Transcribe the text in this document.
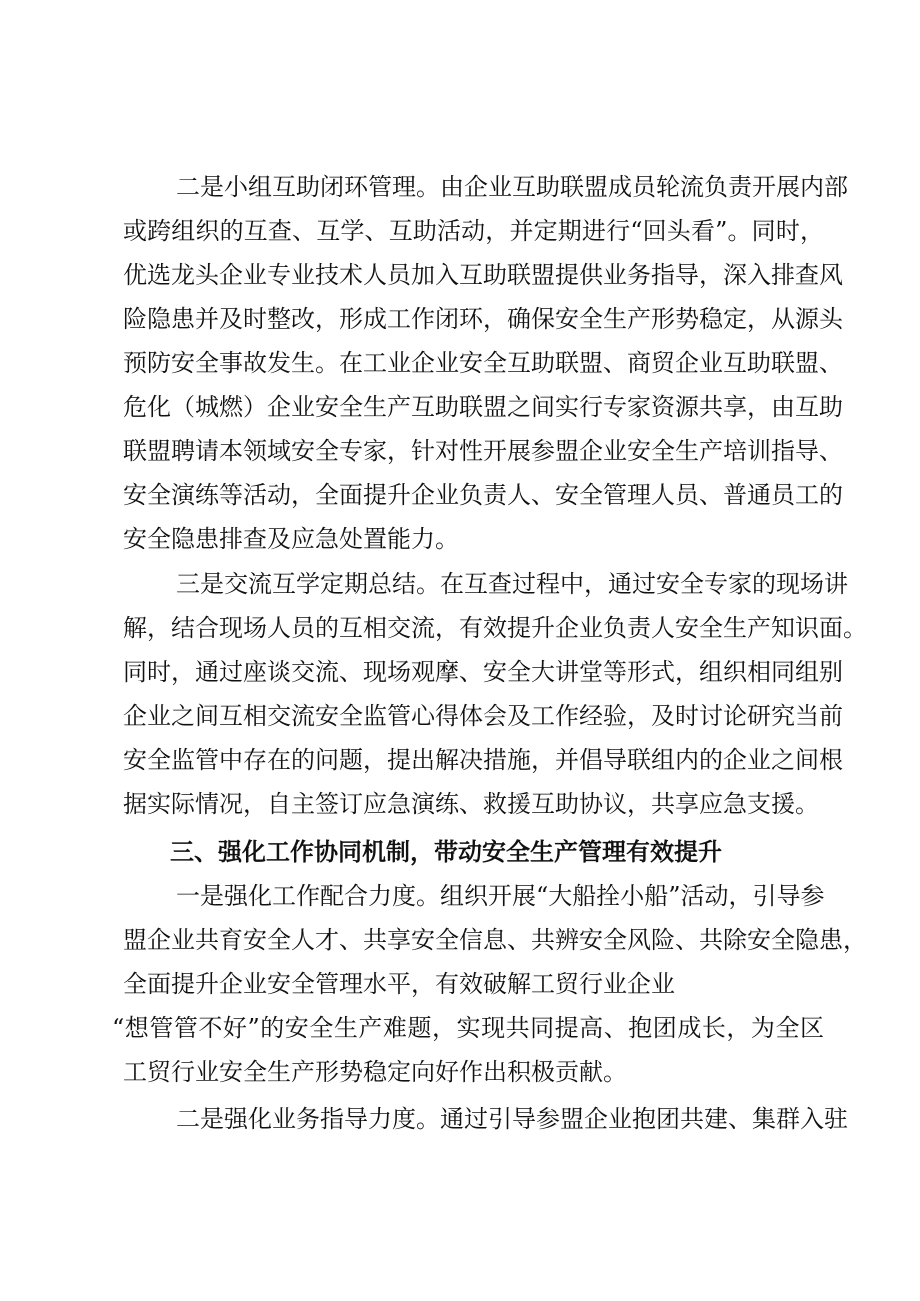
二是小组互助闭环管理。由企业互助联盟成员轮流负责开展内部
或跨组织的互查、互学、互助活动，并定期进行“回头看”。同时，
优选龙头企业专业技术人员加入互助联盟提供业务指导，深入排查风
险隐患并及时整改，形成工作闭环，确保安全生产形势稳定，从源头
预防安全事故发生。在工业企业安全互助联盟、商贸企业互助联盟、
危化（城燃）企业安全生产互助联盟之间实行专家资源共享，由互助
联盟聘请本领域安全专家，针对性开展参盟企业安全生产培训指导、
安全演练等活动，全面提升企业负责人、安全管理人员、普通员工的
安全隐患排查及应急处置能力。
三是交流互学定期总结。在互查过程中，通过安全专家的现场讲
解，结合现场人员的互相交流，有效提升企业负责人安全生产知识面。
同时，通过座谈交流、现场观摩、安全大讲堂等形式，组织相同组别
企业之间互相交流安全监管心得体会及工作经验，及时讨论研究当前
安全监管中存在的问题，提出解决措施，并倡导联组内的企业之间根
据实际情况，自主签订应急演练、救援互助协议，共享应急支援。
三、强化工作协同机制，带动安全生产管理有效提升
一是强化工作配合力度。组织开展“大船拴小船”活动，引导参
盟企业共育安全人才、共享安全信息、共辨安全风险、共除安全隐患，
全面提升企业安全管理水平，有效破解工贸行业企业
“想管管不好”的安全生产难题，实现共同提高、抱团成长，为全区
工贸行业安全生产形势稳定向好作出积极贡献。
二是强化业务指导力度。通过引导参盟企业抱团共建、集群入驻
